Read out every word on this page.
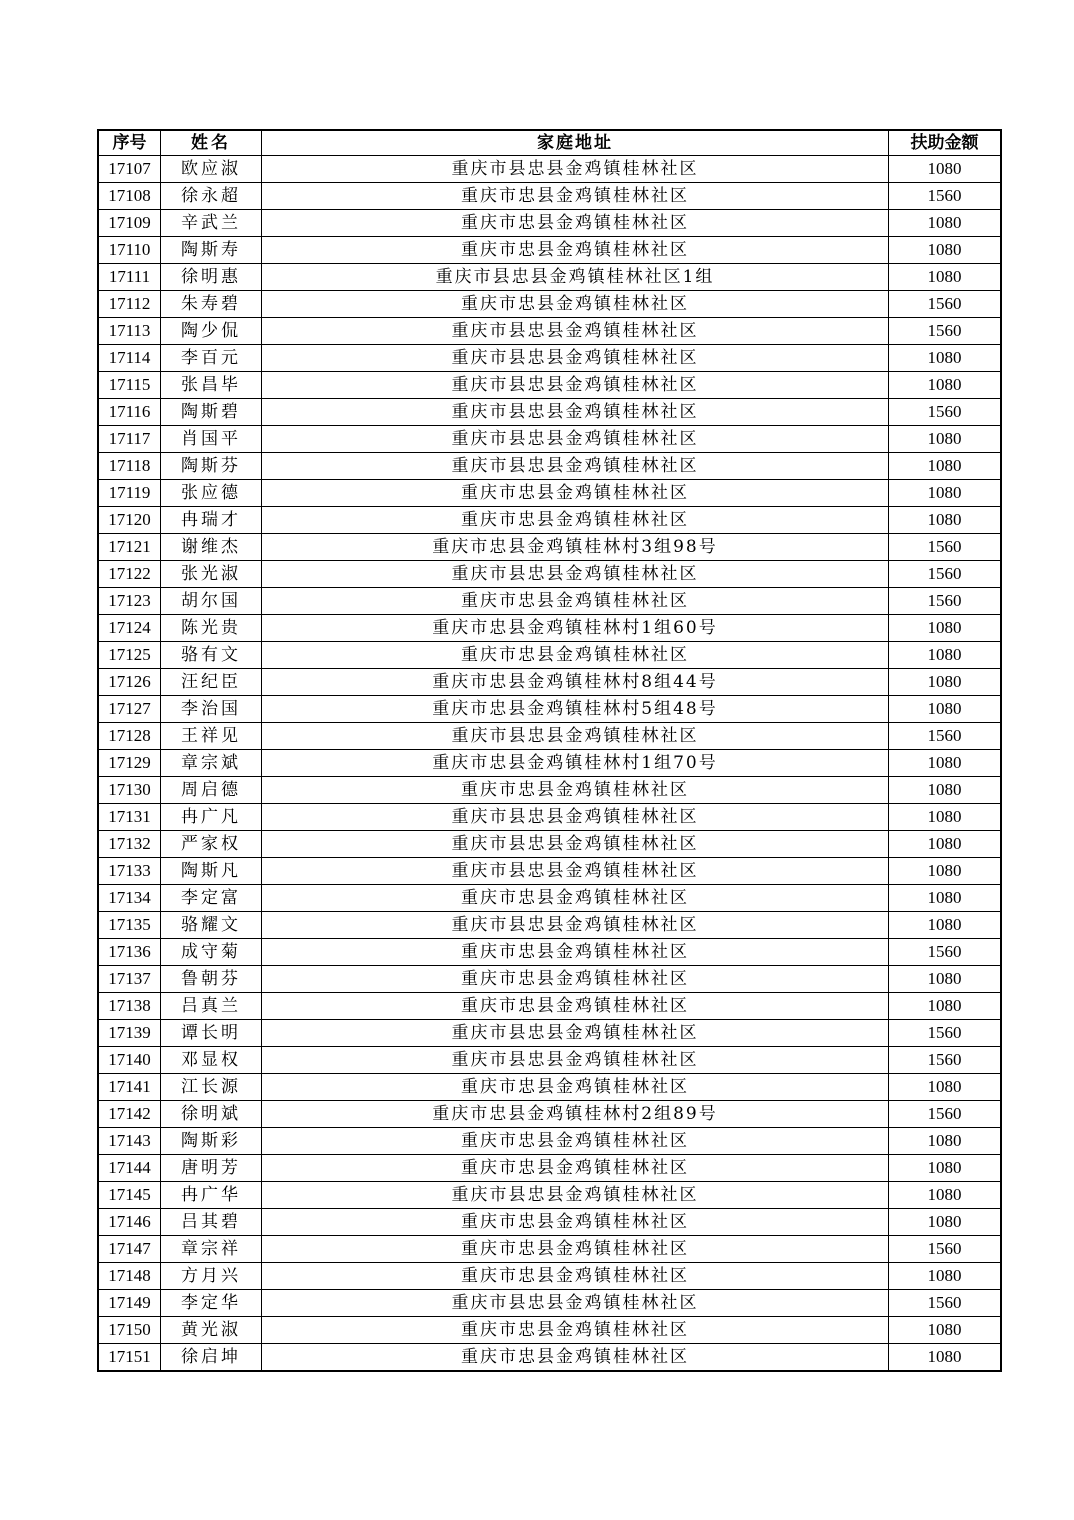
序号	姓名	家庭地址	扶助金额
17107	欧应淑	重庆市县忠县金鸡镇桂林社区	1080
17108	徐永超	重庆市忠县金鸡镇桂林社区	1560
17109	辛武兰	重庆市忠县金鸡镇桂林社区	1080
17110	陶斯寿	重庆市忠县金鸡镇桂林社区	1080
17111	徐明惠	重庆市县忠县金鸡镇桂林社区1组	1080
17112	朱寿碧	重庆市忠县金鸡镇桂林社区	1560
17113	陶少侃	重庆市县忠县金鸡镇桂林社区	1560
17114	李百元	重庆市县忠县金鸡镇桂林社区	1080
17115	张昌毕	重庆市县忠县金鸡镇桂林社区	1080
17116	陶斯碧	重庆市县忠县金鸡镇桂林社区	1560
17117	肖国平	重庆市县忠县金鸡镇桂林社区	1080
17118	陶斯芬	重庆市县忠县金鸡镇桂林社区	1080
17119	张应德	重庆市忠县金鸡镇桂林社区	1080
17120	冉瑞才	重庆市忠县金鸡镇桂林社区	1080
17121	谢维杰	重庆市忠县金鸡镇桂林村3组98号	1560
17122	张光淑	重庆市县忠县金鸡镇桂林社区	1560
17123	胡尔国	重庆市忠县金鸡镇桂林社区	1560
17124	陈光贵	重庆市忠县金鸡镇桂林村1组60号	1080
17125	骆有文	重庆市忠县金鸡镇桂林社区	1080
17126	汪纪臣	重庆市忠县金鸡镇桂林村8组44号	1080
17127	李治国	重庆市忠县金鸡镇桂林村5组48号	1080
17128	王祥见	重庆市县忠县金鸡镇桂林社区	1560
17129	章宗斌	重庆市忠县金鸡镇桂林村1组70号	1080
17130	周启德	重庆市忠县金鸡镇桂林社区	1080
17131	冉广凡	重庆市县忠县金鸡镇桂林社区	1080
17132	严家权	重庆市县忠县金鸡镇桂林社区	1080
17133	陶斯凡	重庆市县忠县金鸡镇桂林社区	1080
17134	李定富	重庆市忠县金鸡镇桂林社区	1080
17135	骆耀文	重庆市县忠县金鸡镇桂林社区	1080
17136	成守菊	重庆市忠县金鸡镇桂林社区	1560
17137	鲁朝芬	重庆市忠县金鸡镇桂林社区	1080
17138	吕真兰	重庆市忠县金鸡镇桂林社区	1080
17139	谭长明	重庆市县忠县金鸡镇桂林社区	1560
17140	邓显权	重庆市县忠县金鸡镇桂林社区	1560
17141	江长源	重庆市忠县金鸡镇桂林社区	1080
17142	徐明斌	重庆市忠县金鸡镇桂林村2组89号	1560
17143	陶斯彩	重庆市忠县金鸡镇桂林社区	1080
17144	唐明芳	重庆市忠县金鸡镇桂林社区	1080
17145	冉广华	重庆市县忠县金鸡镇桂林社区	1080
17146	吕其碧	重庆市忠县金鸡镇桂林社区	1080
17147	章宗祥	重庆市忠县金鸡镇桂林社区	1560
17148	方月兴	重庆市忠县金鸡镇桂林社区	1080
17149	李定华	重庆市县忠县金鸡镇桂林社区	1560
17150	黄光淑	重庆市忠县金鸡镇桂林社区	1080
17151	徐启坤	重庆市忠县金鸡镇桂林社区	1080
